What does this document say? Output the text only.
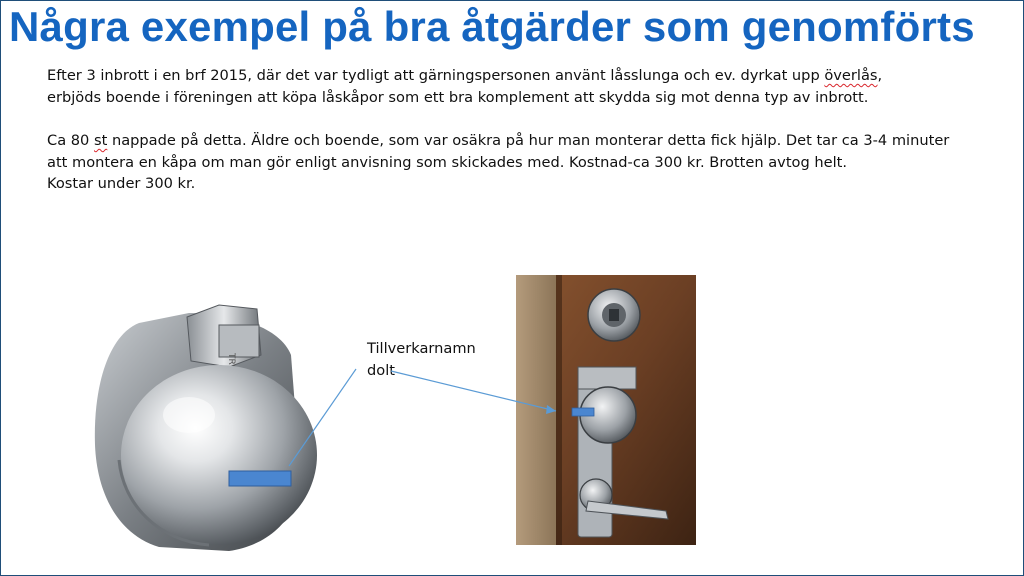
Några exempel på bra åtgärder som genomförts

Efter 3 inbrott i en brf 2015, där det var tydligt att gärningspersonen använt låsslunga och ev. dyrkat upp överlås,
erbjöds boende i föreningen att köpa låskåpor som ett bra komplement att skydda sig mot denna typ av inbrott.

Ca 80 st nappade på detta. Äldre och boende, som var osäkra på hur man monterar detta fick hjälp. Det tar ca 3-4 minuter
att montera en kåpa om man gör enligt anvisning som skickades med. Kostnad-ca 300 kr. Brotten avtog helt.
Kostar under 300 kr.

Tillverkarnamn
dolt
